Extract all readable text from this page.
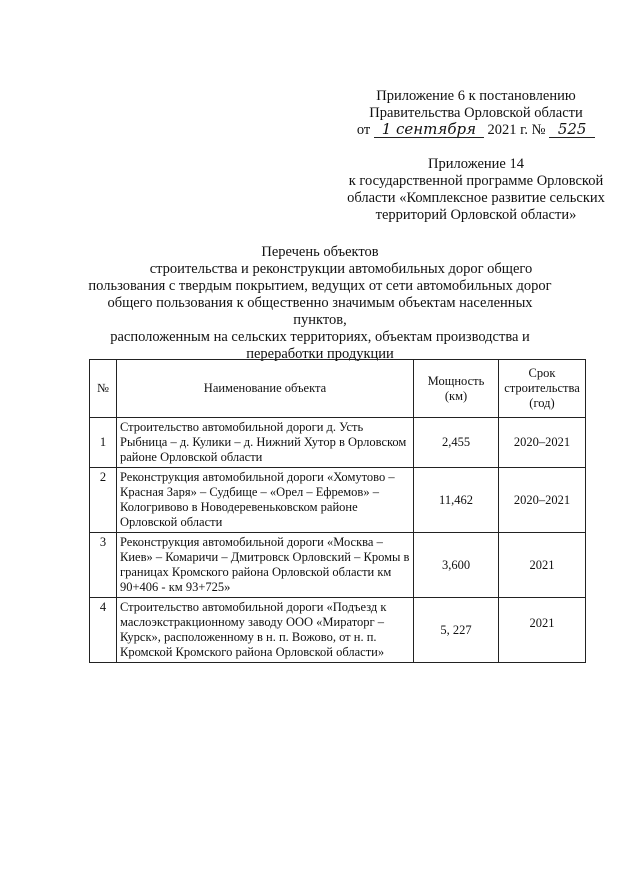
Приложение 6 к постановлению
Правительства Орловской области
от 1 сентября 2021 г. № 525
Приложение 14
к государственной программе Орловской
области «Комплексное развитие сельских
территорий Орловской области»
Перечень объектов
строительства и реконструкции автомобильных дорог общего
пользования с твердым покрытием, ведущих от сети автомобильных дорог
общего пользования к общественно значимым объектам населенных пунктов,
расположенным на сельских территориях, объектам производства и
переработки продукции
№	Наименование объекта	Мощность (км)	Срок строительства (год)
1	Строительство автомобильной дороги д. Усть Рыбница – д. Кулики – д. Нижний Хутор в Орловском районе Орловской области	2,455	2020–2021
2	Реконструкция автомобильной дороги «Хомутово – Красная Заря» – Судбище – «Орел – Ефремов» – Кологривово в Новодеревеньковском районе Орловской области	11,462	2020–2021
3	Реконструкция автомобильной дороги «Москва – Киев» – Комаричи – Дмитровск Орловский – Кромы в границах Кромского района Орловской области км 90+406 - км 93+725»	3,600	2021
4	Строительство автомобильной дороги «Подъезд к маслоэкстракционному заводу ООО «Мираторг – Курск», расположенному в н. п. Вожово, от н. п. Кромской Кромского района Орловской области»	5, 227	2021
